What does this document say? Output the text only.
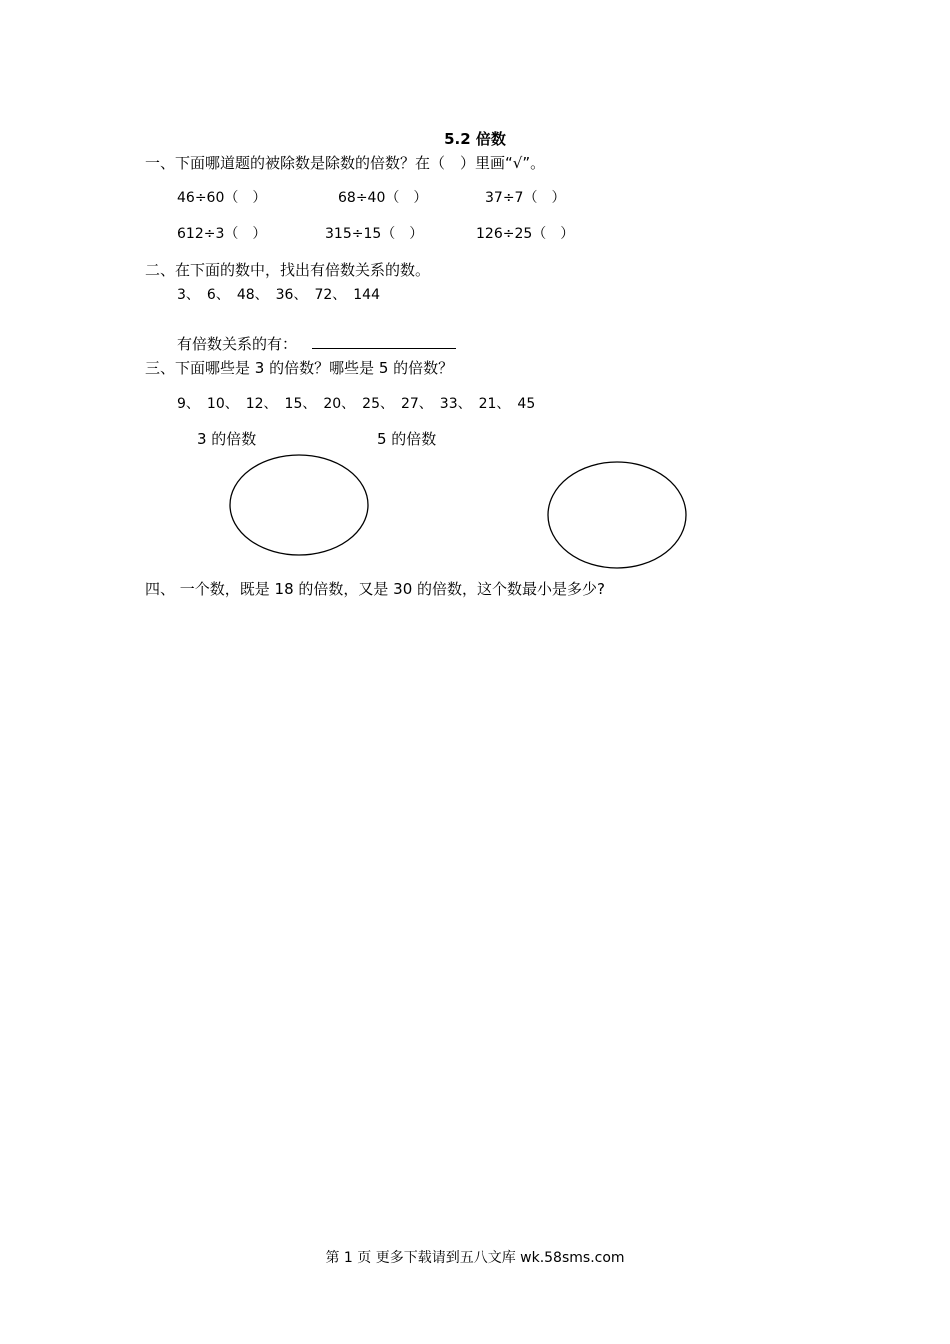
5.2 倍数
一、下面哪道题的被除数是除数的倍数？在（　）里画“√”。
46÷60（　）	68÷40（　）	37÷7（　）
612÷3（　）	315÷15（　）	126÷25（　）
二、在下面的数中，找出有倍数关系的数。
3、　6、　48、　36、　72、　144
有倍数关系的有：
三、下面哪些是 3 的倍数？哪些是 5 的倍数？
9、　10、　12、　15、　20、　25、　27、　33、　21、　45
3 的倍数	5 的倍数
四、 一个数，既是 18 的倍数，又是 30 的倍数，这个数最小是多少?
第 1 页 更多下载请到五八文库 wk.58sms.com
